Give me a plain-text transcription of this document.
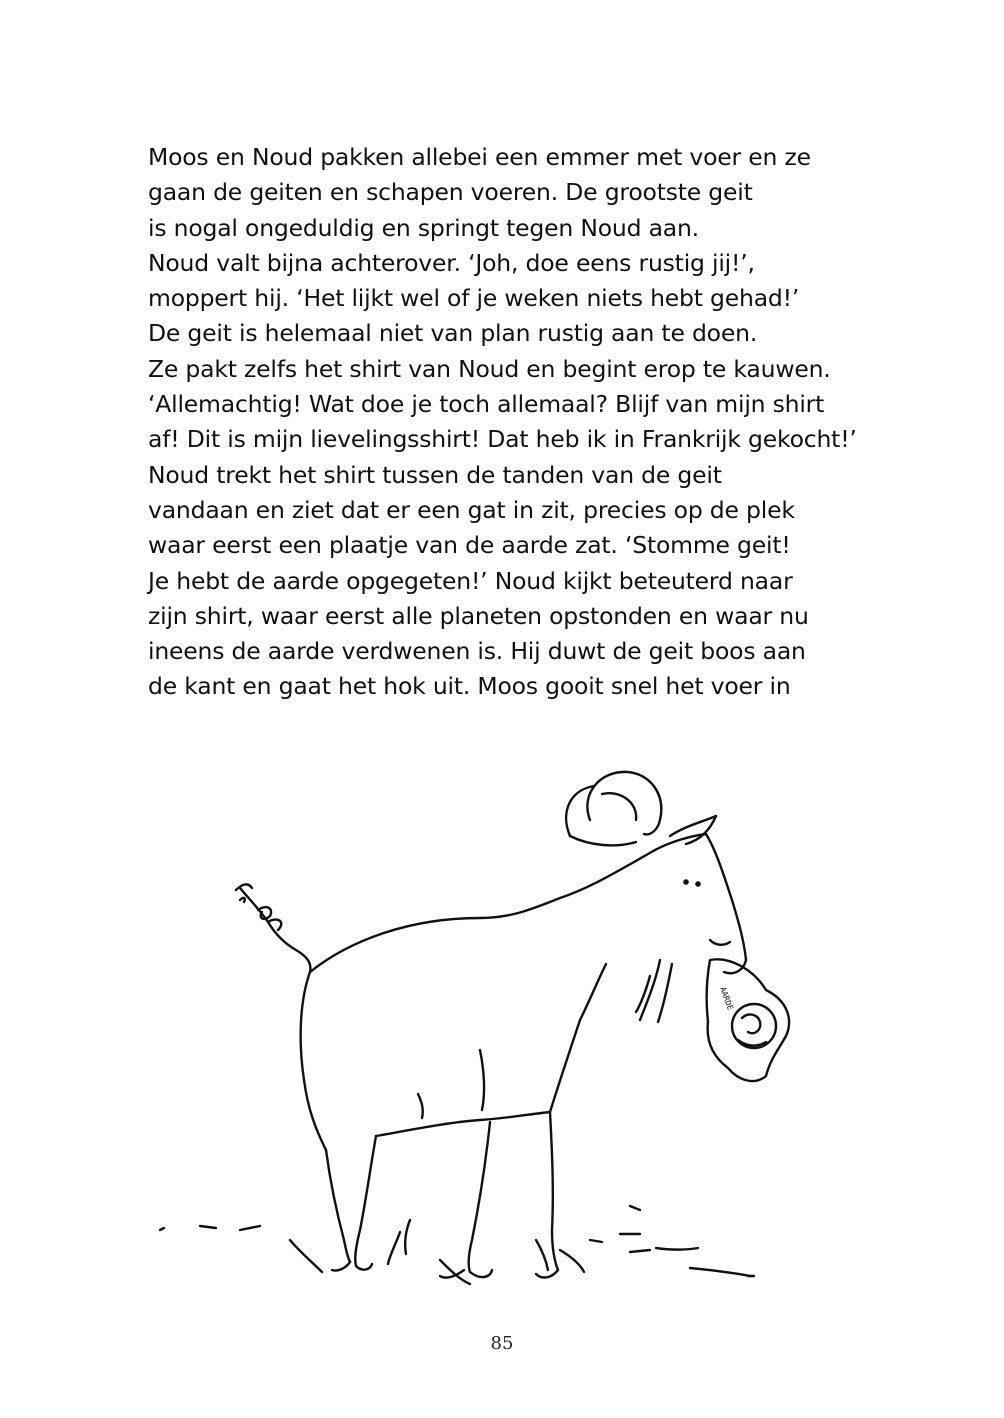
Moos en Noud pakken allebei een emmer met voer en ze
gaan de geiten en schapen voeren. De grootste geit
is nogal ongeduldig en springt tegen Noud aan.
Noud valt bijna achterover. ‘Joh, doe eens rustig jij!’,
moppert hij. ‘Het lijkt wel of je weken niets hebt gehad!’
De geit is helemaal niet van plan rustig aan te doen.
Ze pakt zelfs het shirt van Noud en begint erop te kauwen.
‘Allemachtig! Wat doe je toch allemaal? Blijf van mijn shirt
af! Dit is mijn lievelingsshirt! Dat heb ik in Frankrijk gekocht!’
Noud trekt het shirt tussen de tanden van de geit
vandaan en ziet dat er een gat in zit, precies op de plek
waar eerst een plaatje van de aarde zat. ‘Stomme geit!
Je hebt de aarde opgegeten!’ Noud kijkt beteuterd naar
zijn shirt, waar eerst alle planeten opstonden en waar nu
ineens de aarde verdwenen is. Hij duwt de geit boos aan
de kant en gaat het hok uit. Moos gooit snel het voer in
AARDE
85
